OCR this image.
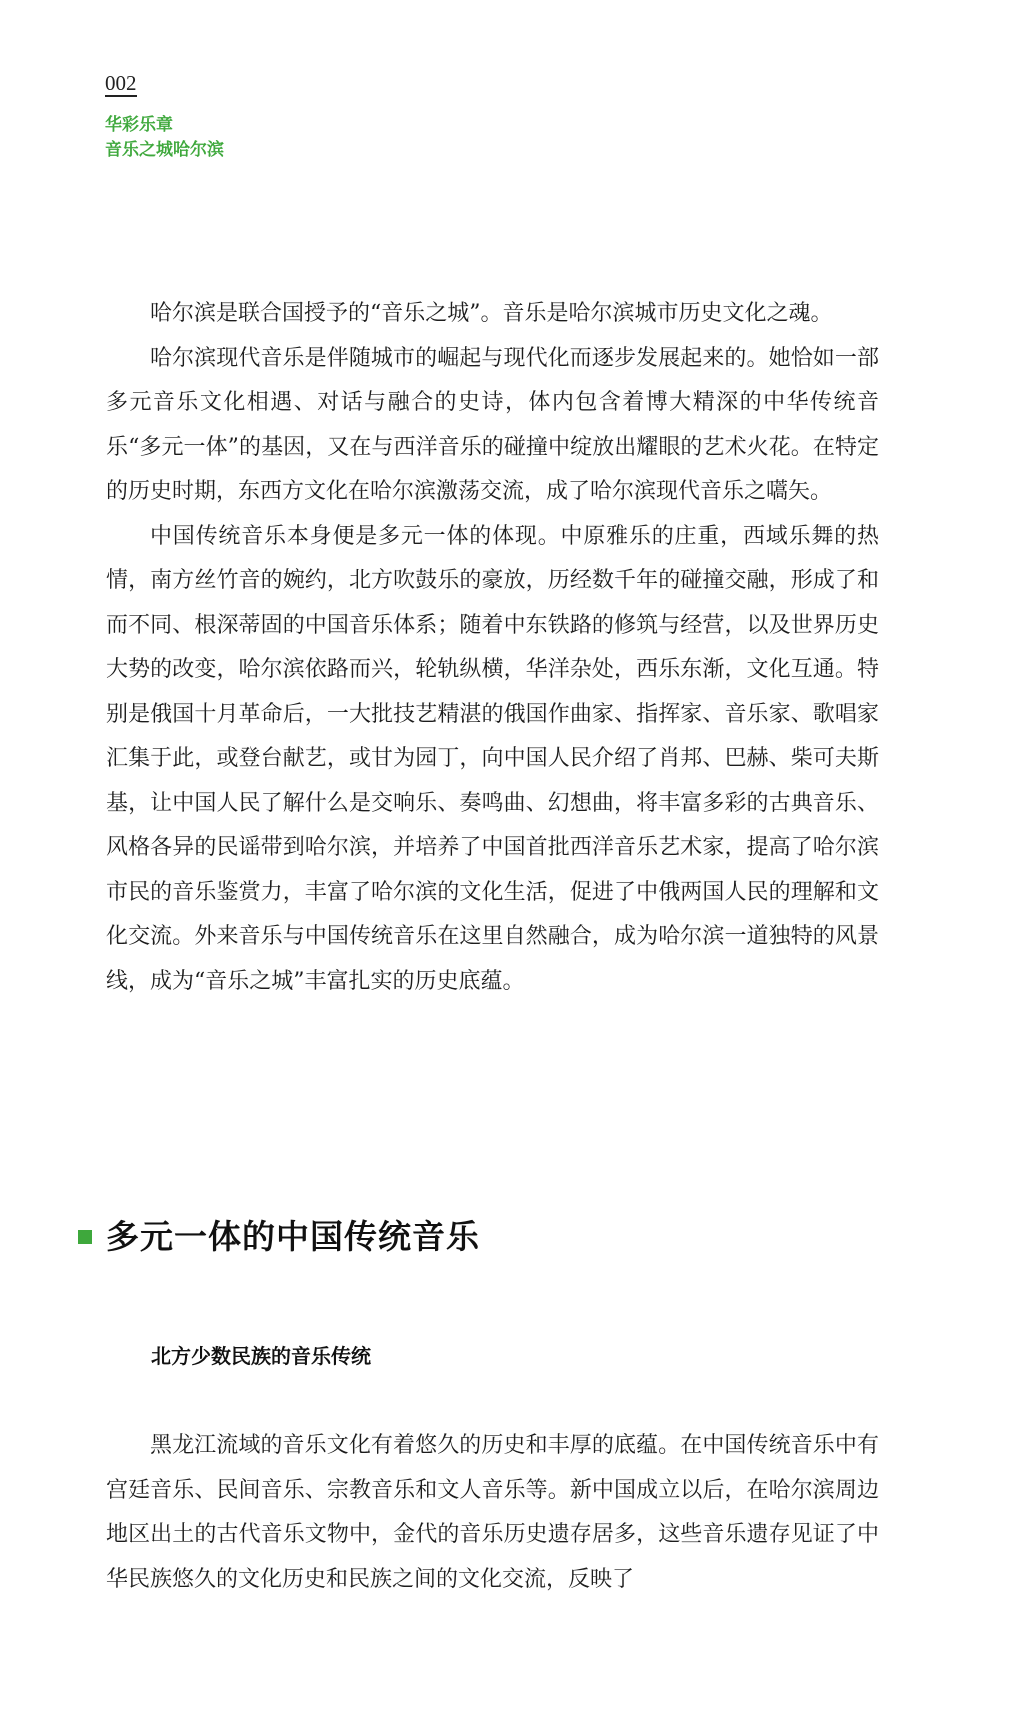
002
华彩乐章
音乐之城哈尔滨

哈尔滨是联合国授予的“音乐之城”。音乐是哈尔滨城市历史文化之魂。

哈尔滨现代音乐是伴随城市的崛起与现代化而逐步发展起来的。她恰如一部多元音乐文化相遇、对话与融合的史诗，体内包含着博大精深的中华传统音乐“多元一体”的基因，又在与西洋音乐的碰撞中绽放出耀眼的艺术火花。在特定的历史时期，东西方文化在哈尔滨激荡交流，成了哈尔滨现代音乐之嚆矢。

中国传统音乐本身便是多元一体的体现。中原雅乐的庄重，西域乐舞的热情，南方丝竹音的婉约，北方吹鼓乐的豪放，历经数千年的碰撞交融，形成了和而不同、根深蒂固的中国音乐体系；随着中东铁路的修筑与经营，以及世界历史大势的改变，哈尔滨依路而兴，轮轨纵横，华洋杂处，西乐东渐，文化互通。特别是俄国十月革命后，一大批技艺精湛的俄国作曲家、指挥家、音乐家、歌唱家汇集于此，或登台献艺，或甘为园丁，向中国人民介绍了肖邦、巴赫、柴可夫斯基，让中国人民了解什么是交响乐、奏鸣曲、幻想曲，将丰富多彩的古典音乐、风格各异的民谣带到哈尔滨，并培养了中国首批西洋音乐艺术家，提高了哈尔滨市民的音乐鉴赏力，丰富了哈尔滨的文化生活，促进了中俄两国人民的理解和文化交流。外来音乐与中国传统音乐在这里自然融合，成为哈尔滨一道独特的风景线，成为“音乐之城”丰富扎实的历史底蕴。

多元一体的中国传统音乐
北方少数民族的音乐传统

黑龙江流域的音乐文化有着悠久的历史和丰厚的底蕴。在中国传统音乐中有宫廷音乐、民间音乐、宗教音乐和文人音乐等。新中国成立以后，在哈尔滨周边地区出土的古代音乐文物中，金代的音乐历史遗存居多，这些音乐遗存见证了中华民族悠久的文化历史和民族之间的文化交流，反映了
